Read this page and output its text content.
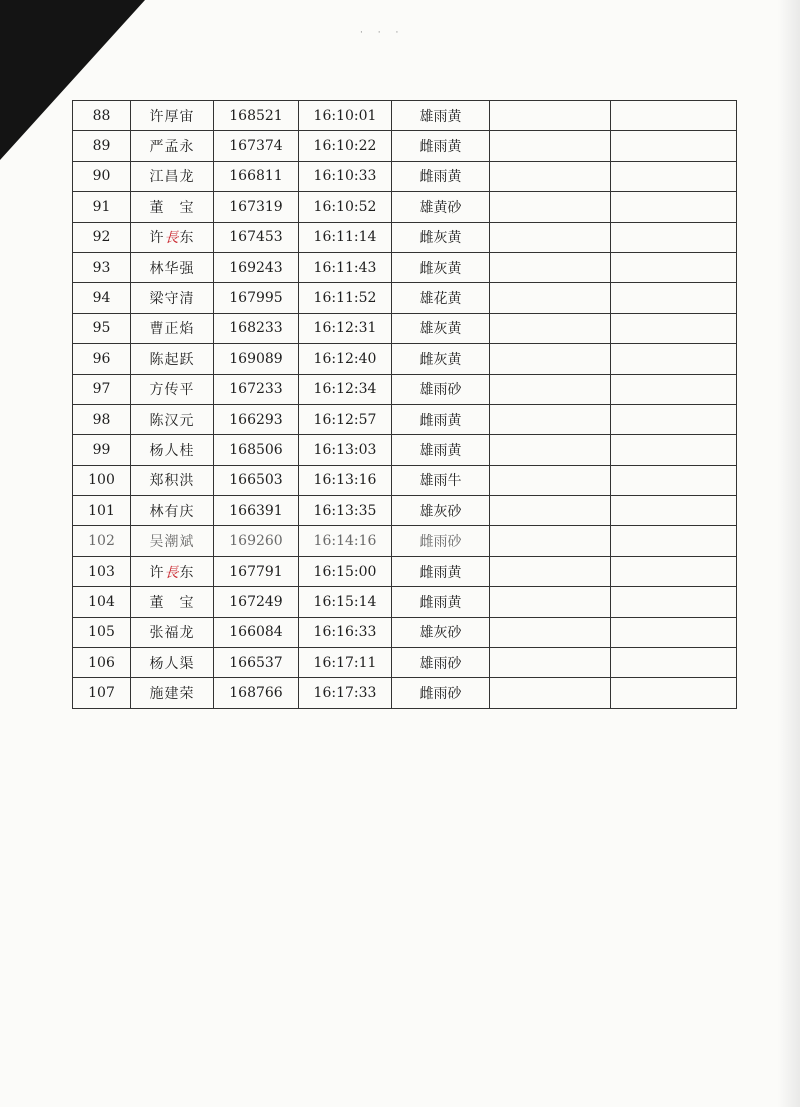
· · ·
88	许厚宙	168521	16:10:01	雄雨黄		
89	严孟永	167374	16:10:22	雌雨黄		
90	江昌龙	166811	16:10:33	雌雨黄		
91	董 宝	167319	16:10:52	雄黄砂		
92	许長东	167453	16:11:14	雌灰黄		
93	林华强	169243	16:11:43	雌灰黄		
94	梁守清	167995	16:11:52	雄花黄		
95	曹正焰	168233	16:12:31	雄灰黄		
96	陈起跃	169089	16:12:40	雌灰黄		
97	方传平	167233	16:12:34	雄雨砂		
98	陈汉元	166293	16:12:57	雌雨黄		
99	杨人桂	168506	16:13:03	雄雨黄		
100	郑积洪	166503	16:13:16	雄雨牛		
101	林有庆	166391	16:13:35	雄灰砂		
102	吴潮斌	169260	16:14:16	雌雨砂		
103	许長东	167791	16:15:00	雌雨黄		
104	董 宝	167249	16:15:14	雌雨黄		
105	张福龙	166084	16:16:33	雄灰砂		
106	杨人渠	166537	16:17:11	雄雨砂		
107	施建荣	168766	16:17:33	雌雨砂		
